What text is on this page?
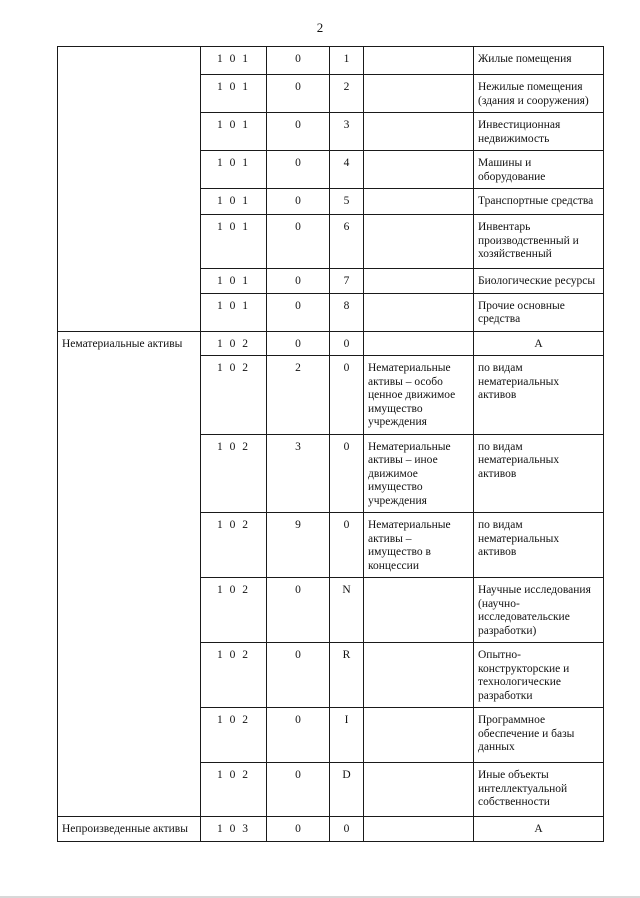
2
	1 0 1	0	1		Жилые помещения
	1 0 1	0	2		Нежилые помещения (здания и сооружения)
	1 0 1	0	3		Инвестиционная недвижимость
	1 0 1	0	4		Машины и оборудование
	1 0 1	0	5		Транспортные средства
	1 0 1	0	6		Инвентарь производственный и хозяйственный
	1 0 1	0	7		Биологические ресурсы
	1 0 1	0	8		Прочие основные средства
Нематериальные активы	1 0 2	0	0		А
	1 0 2	2	0	Нематериальные активы – особо ценное движимое имущество учреждения	по видам нематериальных активов
	1 0 2	3	0	Нематериальные активы – иное движимое имущество учреждения	по видам нематериальных активов
	1 0 2	9	0	Нематериальные активы – имущество в концессии	по видам нематериальных активов
	1 0 2	0	N		Научные исследования (научно-исследовательские разработки)
	1 0 2	0	R		Опытно-конструкторские и технологические разработки
	1 0 2	0	I		Программное обеспечение и базы данных
	1 0 2	0	D		Иные объекты интеллектуальной собственности
Непроизведенные активы	1 0 3	0	0		А
